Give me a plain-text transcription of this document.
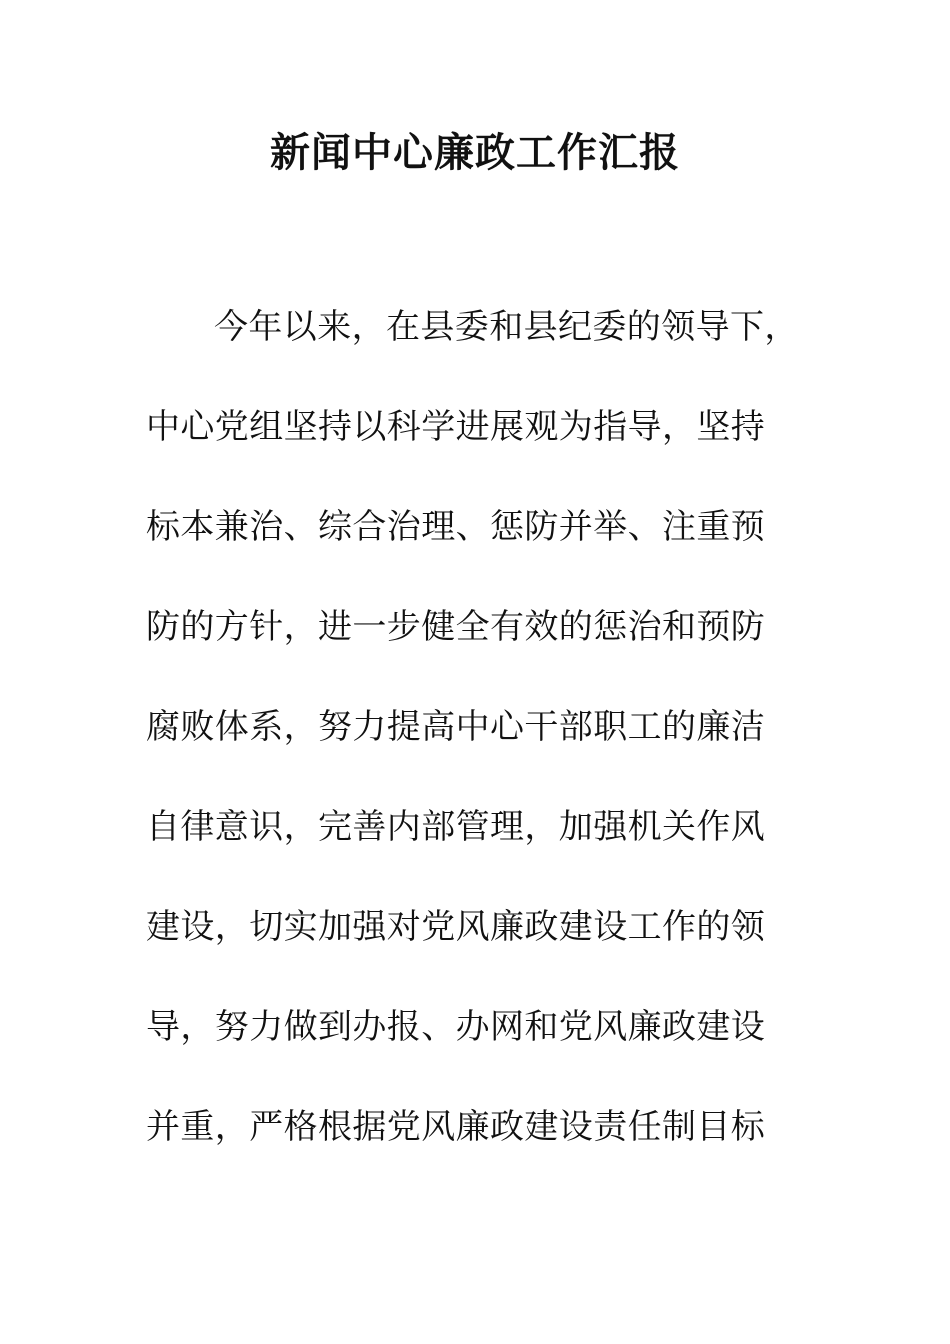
新闻中心廉政工作汇报
今年以来，在县委和县纪委的领导下，
中心党组坚持以科学进展观为指导，坚持
标本兼治、综合治理、惩防并举、注重预
防的方针，进一步健全有效的惩治和预防
腐败体系，努力提高中心干部职工的廉洁
自律意识，完善内部管理，加强机关作风
建设，切实加强对党风廉政建设工作的领
导，努力做到办报、办网和党风廉政建设
并重，严格根据党风廉政建设责任制目标
